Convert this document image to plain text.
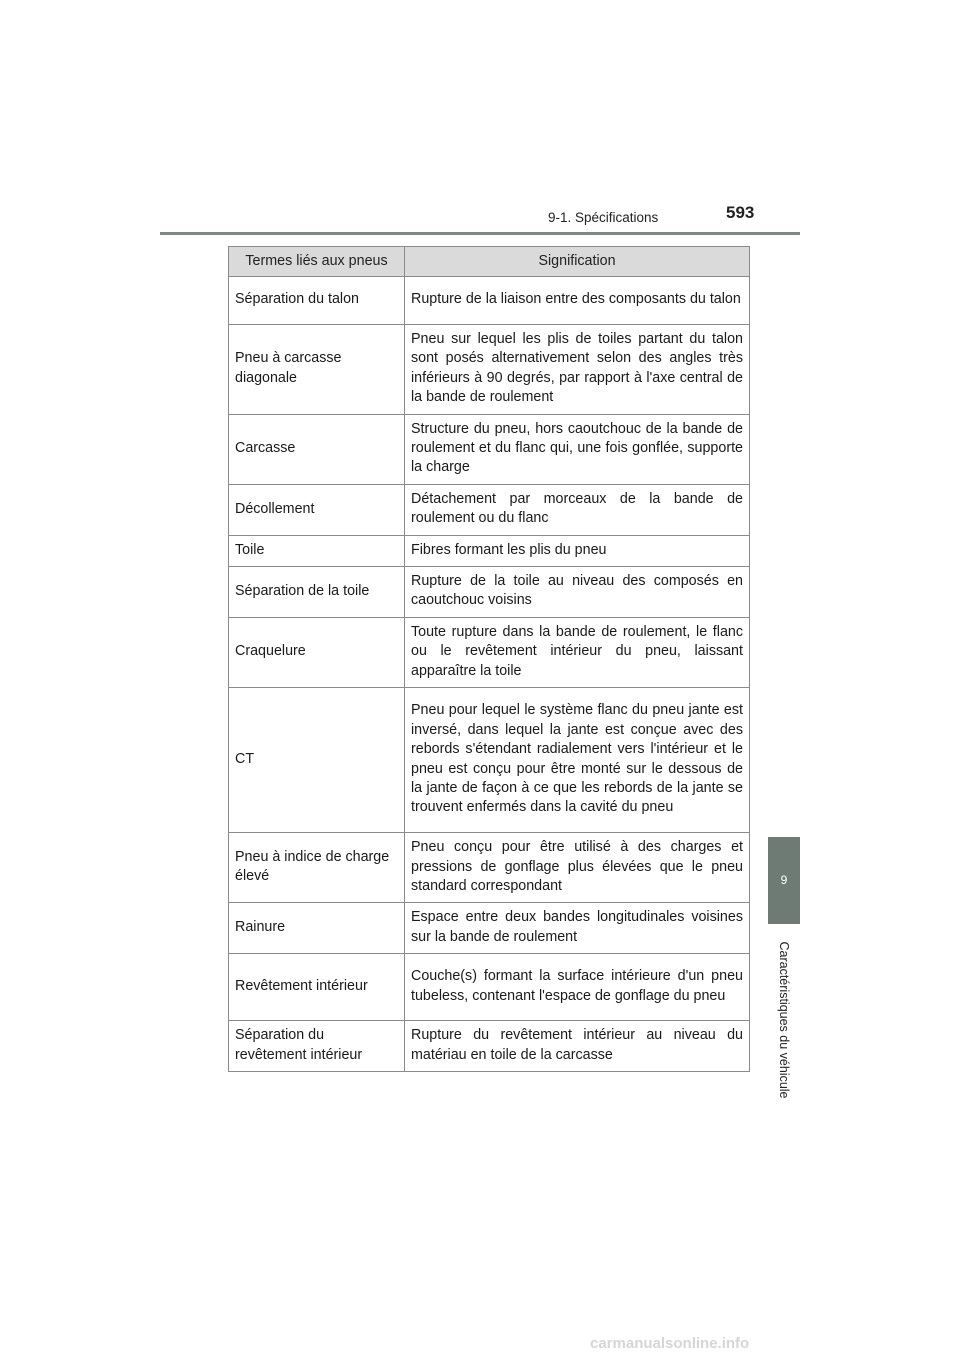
9-1. Spécifications	593
9
Caractéristiques du véhicule
Termes liés aux pneus	Signification
Séparation du talon	Rupture de la liaison entre des composants du talon
Pneu à carcasse diagonale	Pneu sur lequel les plis de toiles partant du talon sont posés alternativement selon des angles très inférieurs à 90 degrés, par rapport à l'axe central de la bande de roulement
Carcasse	Structure du pneu, hors caoutchouc de la bande de roulement et du flanc qui, une fois gonflée, supporte la charge
Décollement	Détachement par morceaux de la bande de roulement ou du flanc
Toile	Fibres formant les plis du pneu
Séparation de la toile	Rupture de la toile au niveau des composés en caoutchouc voisins
Craquelure	Toute rupture dans la bande de roulement, le flanc ou le revêtement intérieur du pneu, laissant apparaître la toile
CT	Pneu pour lequel le système flanc du pneu jante est inversé, dans lequel la jante est conçue avec des rebords s'étendant radialement vers l'intérieur et le pneu est conçu pour être monté sur le dessous de la jante de façon à ce que les rebords de la jante se trouvent enfermés dans la cavité du pneu
Pneu à indice de charge élevé	Pneu conçu pour être utilisé à des charges et pressions de gonflage plus élevées que le pneu standard correspondant
Rainure	Espace entre deux bandes longitudinales voisines sur la bande de roulement
Revêtement intérieur	Couche(s) formant la surface intérieure d'un pneu tubeless, contenant l'espace de gonflage du pneu
Séparation du revêtement intérieur	Rupture du revêtement intérieur au niveau du matériau en toile de la carcasse
carmanualsonline.info
